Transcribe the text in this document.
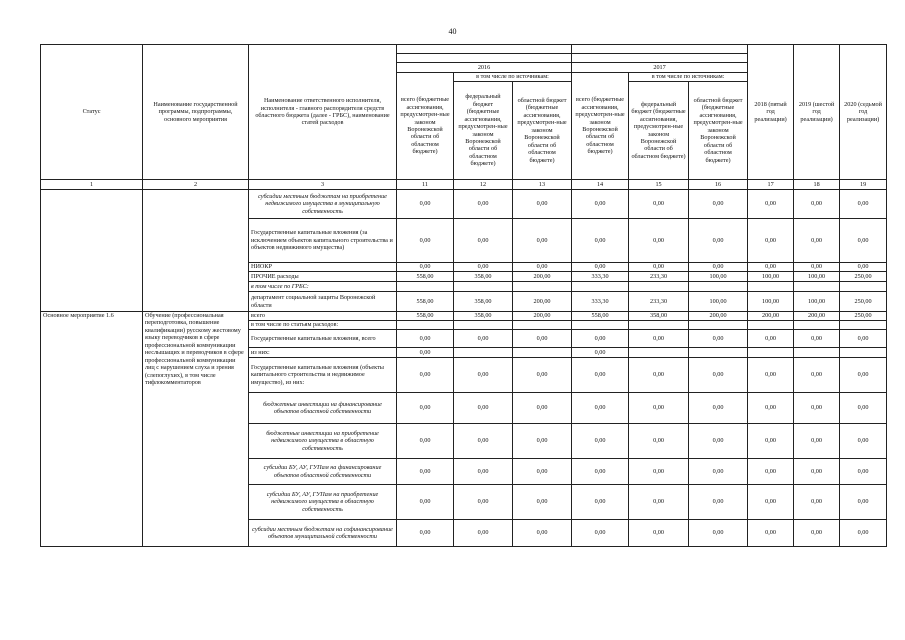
40
Статус	Наименование государственной программы, подпрограммы, основного мероприятия	Наименование ответственного исполнителя, исполнителя - главного распорядителя средств областного бюджета (далее - ГРБС), наименование статей расходов							2018 (пятый год реализации)	2019 (шестой год реализации)	2020 (седьмой год реализации)

			2016			2017					
			всего (бюджетные ассигнования, предусмотрен-ные законом Воронежской области об областном бюджете)	в том числе по источникам:		всего (бюджетные ассигнования, предусмотрен-ные законом Воронежской области об областном бюджете)	в том числе по источникам:				
				федеральный бюджет (бюджетные ассигнования, предусмотрен-ные законом Воронежской области об областном бюджете)	областной бюджет (бюджетные ассигнования, предусмотрен-ные законом Воронежской области об областном бюджете)		федеральный бюджет (бюджетные ассигнования, предусмотрен-ные законом Воронежской области об областном бюджете)	областной бюджет (бюджетные ассигнования, предусмотрен-ные законом Воронежской области об областном бюджете)			
1	2	3	11	12	13	14	15	16	17	18	19
		субсидии местным бюджетам на приобретение недвижимого имущества в муниципальную собственность	0,00	0,00	0,00	0,00	0,00	0,00	0,00	0,00	0,00
		Государственные капитальные вложения (за исключением объектов капитального строительства и объектов недвижимого имущества)	0,00	0,00	0,00	0,00	0,00	0,00	0,00	0,00	0,00
		НИОКР	0,00	0,00	0,00	0,00	0,00	0,00	0,00	0,00	0,00
		ПРОЧИЕ расходы	558,00	358,00	200,00	333,30	233,30	100,00	100,00	100,00	250,00
		в том числе по ГРБС:									
		департамент социальной защиты Воронежской области	558,00	358,00	200,00	333,30	233,30	100,00	100,00	100,00	250,00
Основное мероприятие 1.6	Обучение (профессиональная переподготовка, повышение квалификации) русскому жестовому языку переводчиков в сфере профессиональной коммуникации неслышащих и переводчиков в сфере профессиональной коммуникации лиц с нарушением слуха и зрения (слепоглухих), в том числе тифлокомментаторов	всего	558,00	358,00	200,00	558,00	358,00	200,00	200,00	200,00	250,00
		в том числе по статьям расходов:									
		Государственные капитальные вложения, всего	0,00	0,00	0,00	0,00	0,00	0,00	0,00	0,00	0,00
		из них:	0,00			0,00					
		Государственные капитальные вложения (объекты капитального строительства и недвижимое имущество), из них:	0,00	0,00	0,00	0,00	0,00	0,00	0,00	0,00	0,00
		бюджетные инвестиции на финансирование объектов областной собственности	0,00	0,00	0,00	0,00	0,00	0,00	0,00	0,00	0,00
		бюджетные инвестиции на приобретение недвижимого имущества в областную собственность	0,00	0,00	0,00	0,00	0,00	0,00	0,00	0,00	0,00
		субсидии БУ, АУ, ГУПам на финансирование объектов областной собственности	0,00	0,00	0,00	0,00	0,00	0,00	0,00	0,00	0,00
		субсидии БУ, АУ, ГУПам на приобретение недвижимого имущества в областную собственность	0,00	0,00	0,00	0,00	0,00	0,00	0,00	0,00	0,00
		субсидии местным бюджетам на софинансирование объектов муниципальной собственности	0,00	0,00	0,00	0,00	0,00	0,00	0,00	0,00	0,00
